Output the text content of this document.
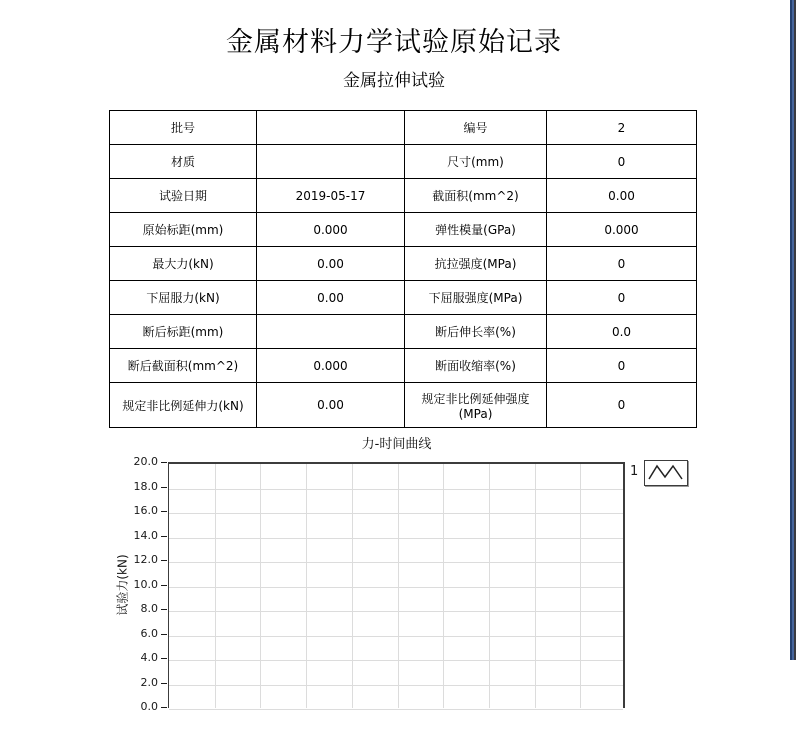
金属材料力学试验原始记录
金属拉伸试验
批号		编号	2
材质		尺寸(mm)	0
试验日期	2019-05-17	截面积(mm^2)	0.00
原始标距(mm)	0.000	弹性模量(GPa)	0.000
最大力(kN)	0.00	抗拉强度(MPa)	0
下屈服力(kN)	0.00	下屈服强度(MPa)	0
断后标距(mm)		断后伸长率(%)	0.0
断后截面积(mm^2)	0.000	断面收缩率(%)	0
规定非比例延伸力(kN)	0.00	规定非比例延伸强度(MPa)	0
力-时间曲线
试验力(kN)
20.0
18.0
16.0
14.0
12.0
10.0
8.0
6.0
4.0
2.0
0.0
1
